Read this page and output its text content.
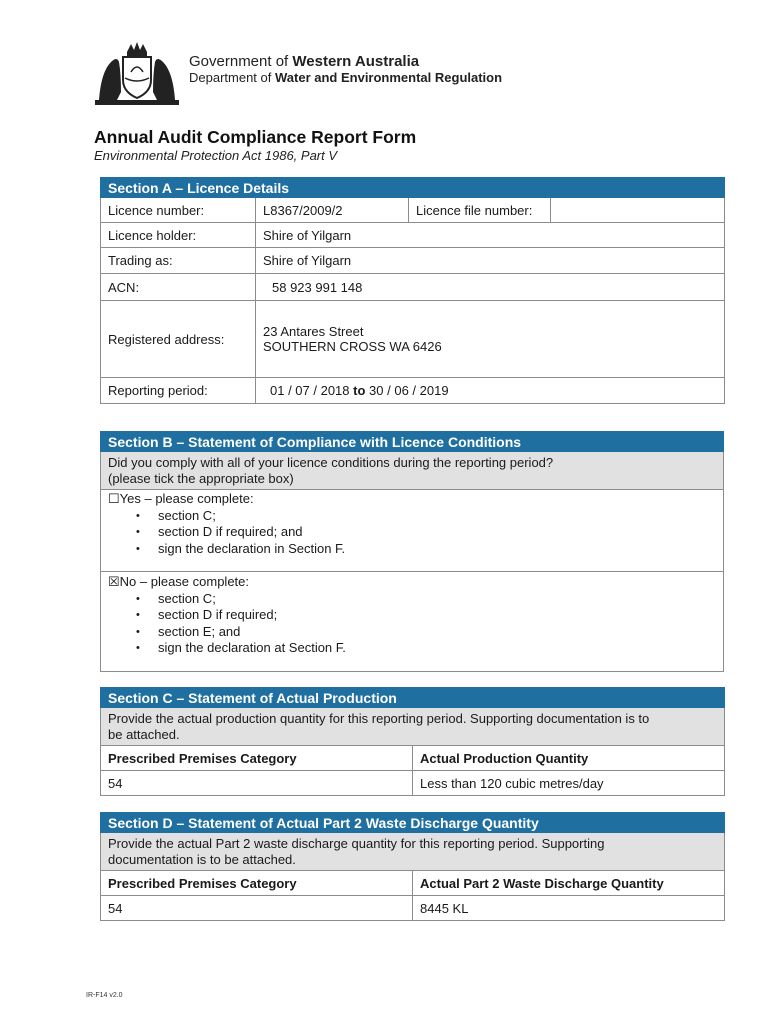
Government of Western Australia
Department of Water and Environmental Regulation
Annual Audit Compliance Report Form
Environmental Protection Act 1986, Part V
Section A – Licence Details			
Licence number:	L8367/2009/2	Licence file number:	
Licence holder:	Shire of Yilgarn		
Trading as:	Shire of Yilgarn		
ACN:	58 923 991 148		
Registered address:	23 Antares Street
SOUTHERN CROSS WA 6426		

Reporting period:	01 / 07 / 2018 to 30 / 06 / 2019		
Section B – Statement of Compliance with Licence Conditions

Did you comply with all of your licence conditions during the reporting period?
(please tick the appropriate box)

☐Yes – please complete:
• section C;
• section D if required; and
• sign the declaration in Section F.

☒No – please complete:
• section C;
• section D if required;
• section E; and
• sign the declaration at Section F.
Section C – Statement of Actual Production	

Provide the actual production quantity for this reporting period. Supporting documentation is to
be attached.	

Prescribed Premises Category	Actual Production Quantity
54	Less than 120 cubic metres/day
Section D – Statement of Actual Part 2 Waste Discharge Quantity	

Provide the actual Part 2 waste discharge quantity for this reporting period. Supporting
documentation is to be attached.	

Prescribed Premises Category	Actual Part 2 Waste Discharge Quantity
54	8445 KL
IR-F14 v2.0
